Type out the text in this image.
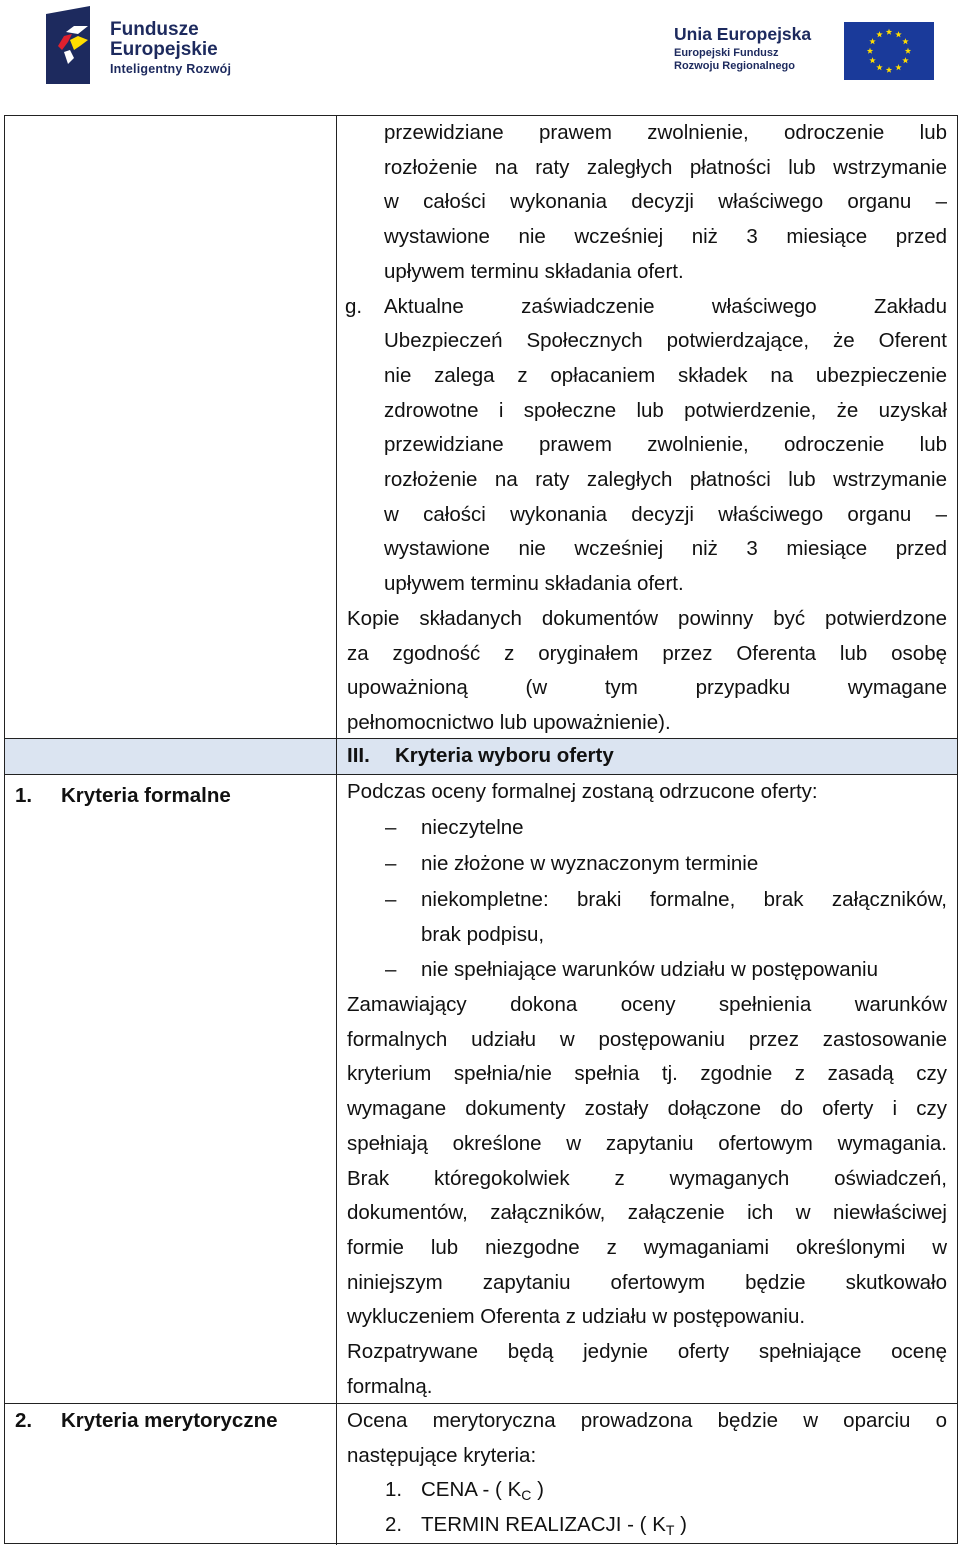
Fundusze
Europejskie
Inteligentny Rozwój
Unia Europejska
Europejski Fundusz
Rozwoju Regionalnego
przewidziane prawem zwolnienie, odroczenie lub
rozłożenie na raty zaległych płatności lub wstrzymanie
w całości wykonania decyzji właściwego organu –
wystawione nie wcześniej niż 3 miesiące przed
upływem terminu składania ofert.
g. Aktualne zaświadczenie właściwego Zakładu
Ubezpieczeń Społecznych potwierdzające, że Oferent
nie zalega z opłacaniem składek na ubezpieczenie
zdrowotne i społeczne lub potwierdzenie, że uzyskał
przewidziane prawem zwolnienie, odroczenie lub
rozłożenie na raty zaległych płatności lub wstrzymanie
w całości wykonania decyzji właściwego organu –
wystawione nie wcześniej niż 3 miesiące przed
upływem terminu składania ofert.
Kopie składanych dokumentów powinny być potwierdzone
za zgodność z oryginałem przez Oferenta lub osobę
upoważnioną (w tym przypadku wymagane
pełnomocnictwo lub upoważnienie).
III. Kryteria wyboru oferty
1. Kryteria formalne	Podczas oceny formalnej zostaną odrzucone oferty:
– nieczytelne
– nie złożone w wyznaczonym terminie
– niekompletne: braki formalne, brak załączników,
brak podpisu,
– nie spełniające warunków udziału w postępowaniu
Zamawiający dokona oceny spełnienia warunków
formalnych udziału w postępowaniu przez zastosowanie
kryterium spełnia/nie spełnia tj. zgodnie z zasadą czy
wymagane dokumenty zostały dołączone do oferty i czy
spełniają określone w zapytaniu ofertowym wymagania.
Brak któregokolwiek z wymaganych oświadczeń,
dokumentów, załączników, załączenie ich w niewłaściwej
formie lub niezgodne z wymaganiami określonymi w
niniejszym zapytaniu ofertowym będzie skutkowało
wykluczeniem Oferenta z udziału w postępowaniu.
Rozpatrywane będą jedynie oferty spełniające ocenę
formalną.
2. Kryteria merytoryczne	Ocena merytoryczna prowadzona będzie w oparciu o
następujące kryteria:
1. CENA - ( $K_C$ )
2. TERMIN REALIZACJI - ( $K_T$ )
